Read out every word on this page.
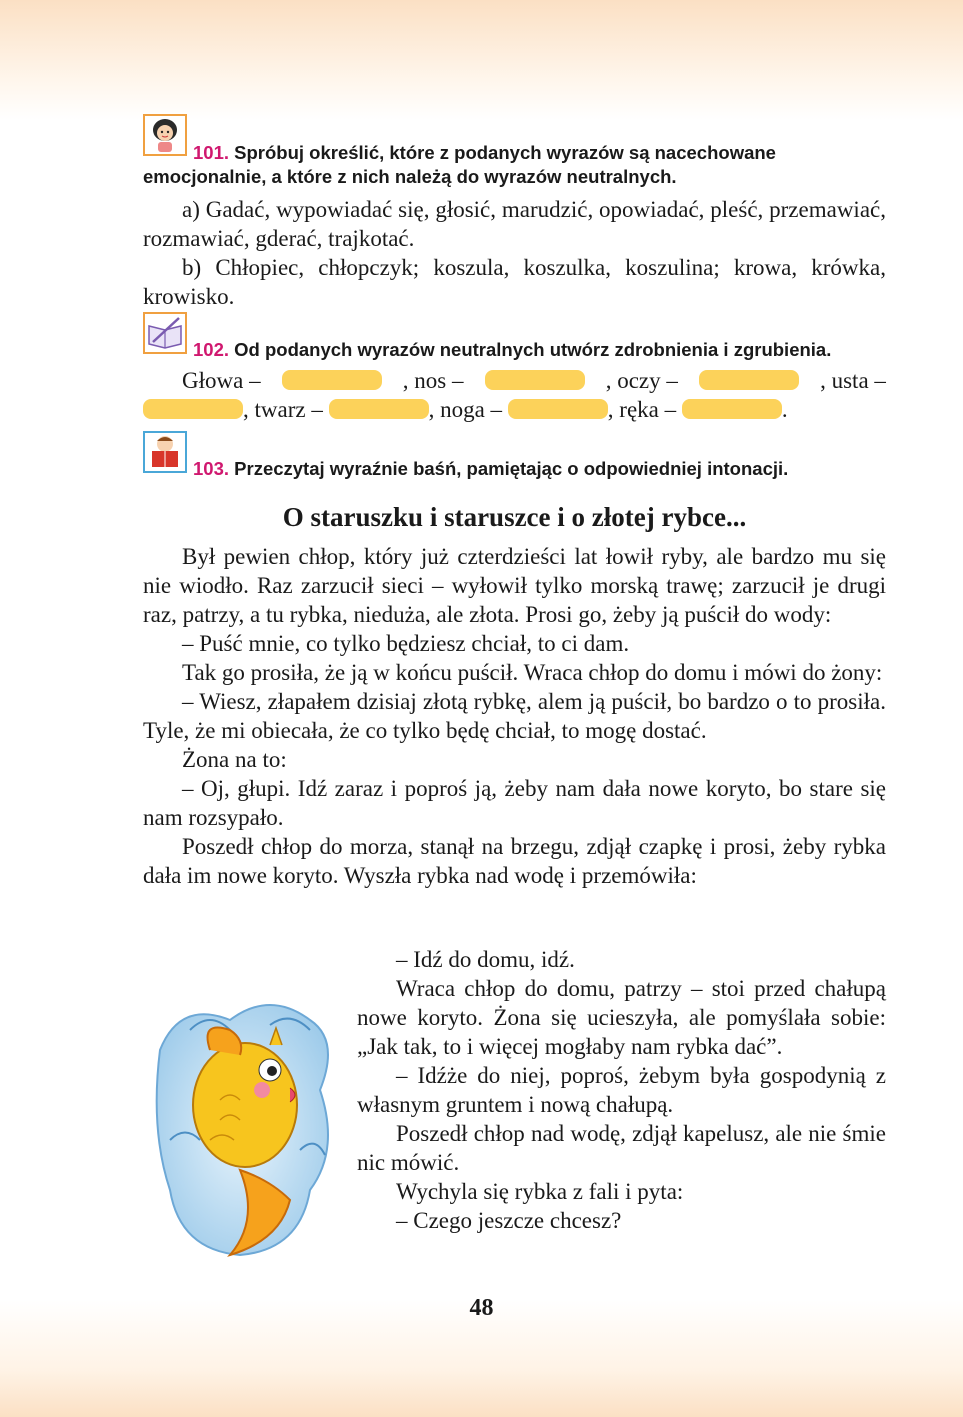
101. Spróbuj określić, które z podanych wyrazów są nacechowane emocjonalnie, a które z nich należą do wyrazów neutralnych.

a) Gadać, wypowiadać się, głosić, marudzić, opowiadać, pleść, przemawiać, rozmawiać, gderać, trajkotać.

b) Chłopiec, chłopczyk; koszula, koszulka, koszulina; krowa, krówka, krowisko.

102. Od podanych wyrazów neutralnych utwórz zdrobnienia i zgrubienia.
Głowa –	, nos –	, oczy –	, usta –
, twarz –	, noga –	, ręka –	.
103. Przeczytaj wyraźnie baśń, pamiętając o odpowiedniej intonacji.
O staruszku i staruszce i o złotej rybce...

Był pewien chłop, który już czterdzieści lat łowił ryby, ale bardzo mu się nie wiodło. Raz zarzucił sieci – wyłowił tylko morską trawę; zarzucił je drugi raz, patrzy, a tu rybka, nieduża, ale złota. Prosi go, żeby ją puścił do wody:

– Puść mnie, co tylko będziesz chciał, to ci dam.

Tak go prosiła, że ją w końcu puścił. Wraca chłop do domu i mówi do żony:

– Wiesz, złapałem dzisiaj złotą rybkę, alem ją puścił, bo bardzo o to prosiła. Tyle, że mi obiecała, że co tylko będę chciał, to mogę dostać.

Żona na to:

– Oj, głupi. Idź zaraz i poproś ją, żeby nam dała nowe koryto, bo stare się nam rozsypało.

Poszedł chłop do morza, stanął na brzegu, zdjął czapkę i prosi, żeby rybka dała im nowe koryto. Wyszła rybka nad wodę i przemówiła:

– Idź do domu, idź.

Wraca chłop do domu, patrzy – stoi przed chałupą nowe koryto. Żona się ucieszyła, ale pomyślała sobie: „Jak tak, to i więcej mogłaby nam rybka dać”.

– Idźże do niej, poproś, żebym była gospodynią z własnym gruntem i nową chałupą.

Poszedł chłop nad wodę, zdjął kapelusz, ale nie śmie nic mówić.

Wychyla się rybka z fali i pyta:

– Czego jeszcze chcesz?

48
